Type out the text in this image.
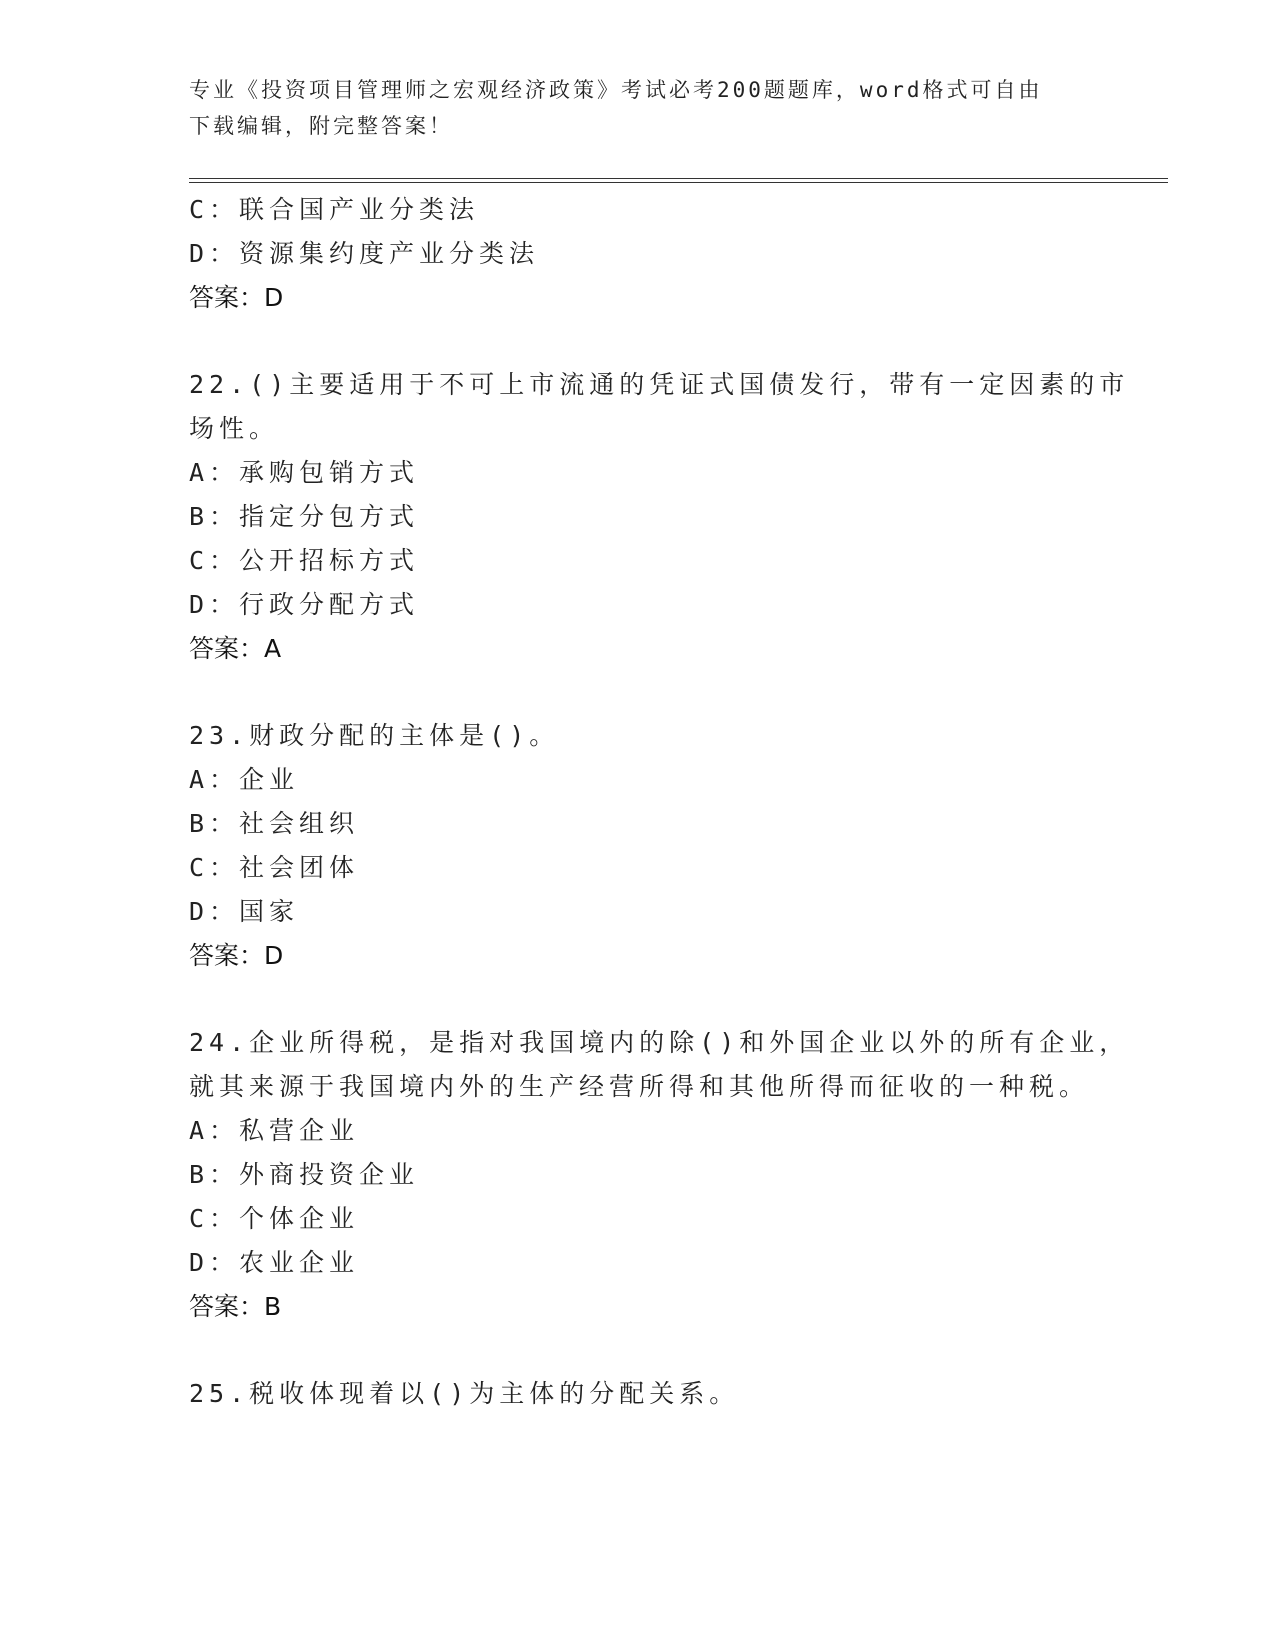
专业《投资项目管理师之宏观经济政策》考试必考200题题库，word格式可自由
下载编辑，附完整答案！
C：联合国产业分类法
D：资源集约度产业分类法
答案：D
22.()主要适用于不可上市流通的凭证式国债发行，带有一定因素的市
场性。
A：承购包销方式
B：指定分包方式
C：公开招标方式
D：行政分配方式
答案：A
23.财政分配的主体是()。
A：企业
B：社会组织
C：社会团体
D：国家
答案：D
24.企业所得税，是指对我国境内的除()和外国企业以外的所有企业，
就其来源于我国境内外的生产经营所得和其他所得而征收的一种税。
A：私营企业
B：外商投资企业
C：个体企业
D：农业企业
答案：B
25.税收体现着以()为主体的分配关系。
